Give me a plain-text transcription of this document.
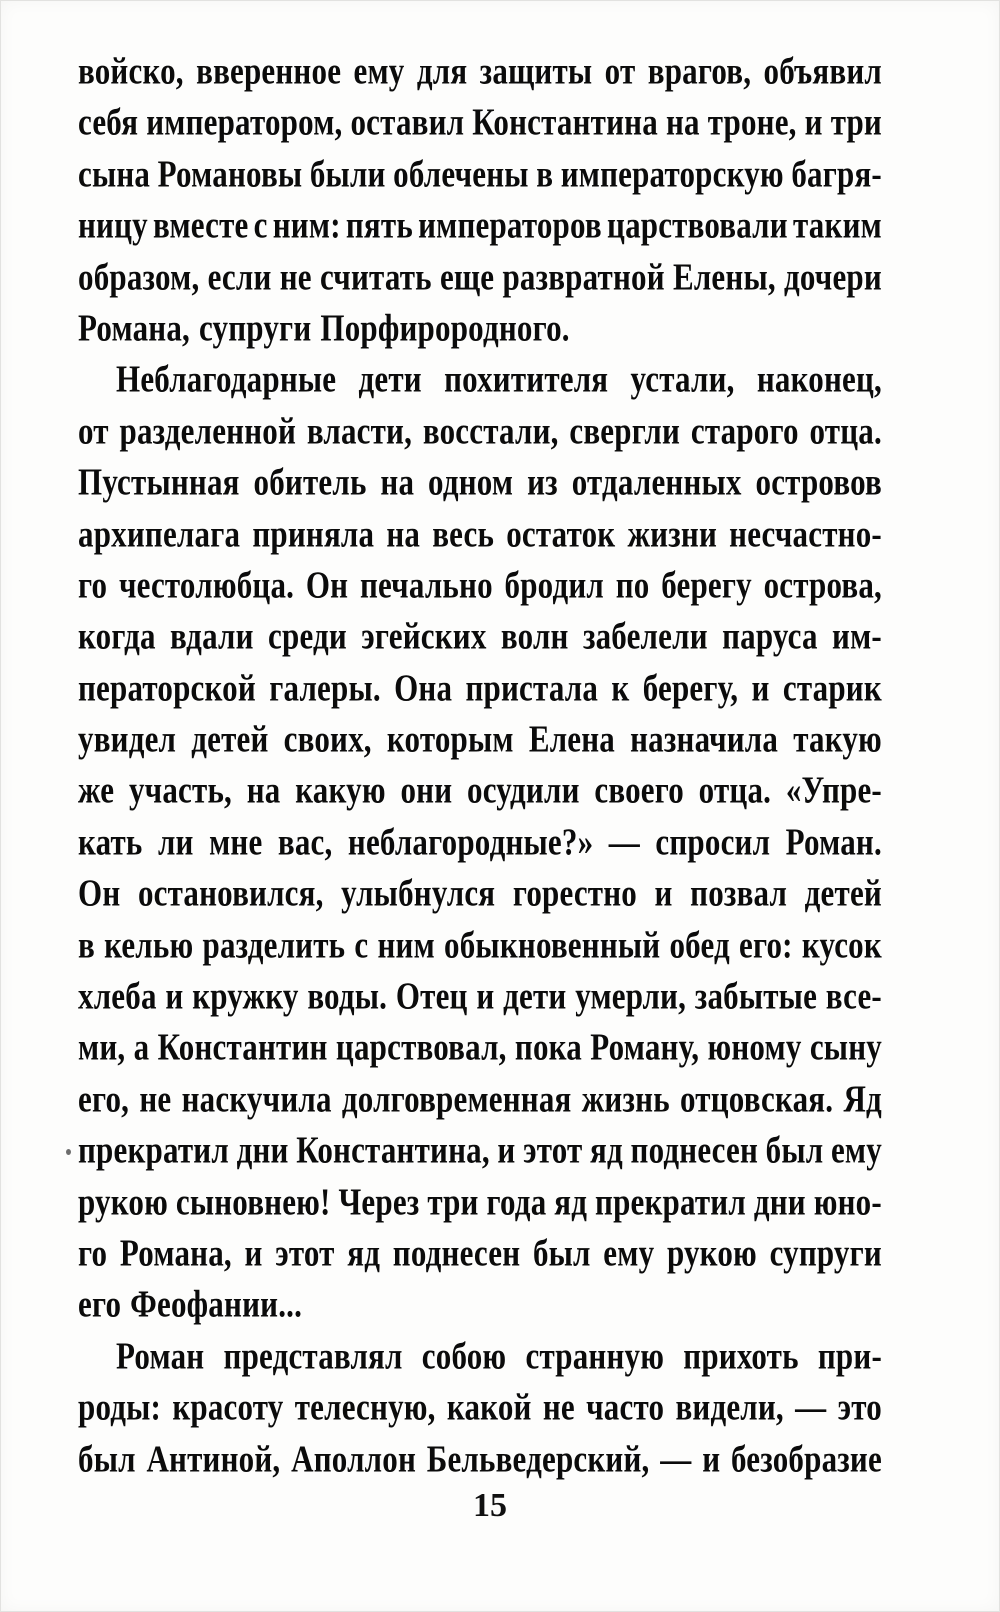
войско, вверенное ему для защиты от врагов, объявил
себя императором, оставил Константина на троне, и три
сына Романовы были облечены в императорскую багря-
ницу вместе с ним: пять императоров царствовали таким
образом, если не считать еще развратной Елены, дочери
Романа, супруги Порфирородного.
Неблагодарные дети похитителя устали, наконец,
от разделенной власти, восстали, свергли старого отца.
Пустынная обитель на одном из отдаленных островов
архипелага приняла на весь остаток жизни несчастно-
го честолюбца. Он печально бродил по берегу острова,
когда вдали среди эгейских волн забелели паруса им-
ператорской галеры. Она пристала к берегу, и старик
увидел детей своих, которым Елена назначила такую
же участь, на какую они осудили своего отца. «Упре-
кать ли мне вас, неблагородные?» — спросил Роман.
Он остановился, улыбнулся горестно и позвал детей
в келью разделить с ним обыкновенный обед его: кусок
хлеба и кружку воды. Отец и дети умерли, забытые все-
ми, а Константин царствовал, пока Роману, юному сыну
его, не наскучила долговременная жизнь отцовская. Яд
прекратил дни Константина, и этот яд поднесен был ему
рукою сыновнею! Через три года яд прекратил дни юно-
го Романа, и этот яд поднесен был ему рукою супруги
его Феофании...
Роман представлял собою странную прихоть при-
роды: красоту телесную, какой не часто видели, — это
был Антиной, Аполлон Бельведерский, — и безобразие
15
